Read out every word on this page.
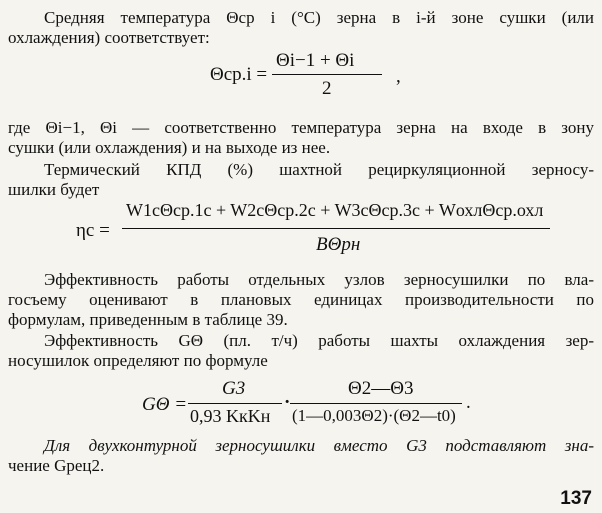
Средняя температура Θср i (°С) зерна в i-й зоне сушки (или
охлаждения) соответствует:
Θср.i =
Θi−1 + Θi
2
,
где Θi−1, Θi — соответственно температура зерна на входе в зону
сушки (или охлаждения) и на выходе из нее.
Термический КПД (%) шахтной рециркуляционной зерносу-
шилки будет
ηс =
W1cΘср.1c + W2cΘср.2c + W3cΘср.3c + WохлΘср.охл
BΘрн
Эффективность работы отдельных узлов зерносушилки по вла-
госъему оценивают в плановых единицах производительности по
формулам, приведенным в таблице 39.
Эффективность GΘ (пл. т/ч) работы шахты охлаждения зер-
носушилок определяют по формуле
GΘ =
G3
0,93 KкKн
·
Θ2—Θ3
(1—0,003Θ2)·(Θ2—t0)
.
Для двухконтурной зерносушилки вместо G3 подставляют зна-
чение Gрец2.
137
